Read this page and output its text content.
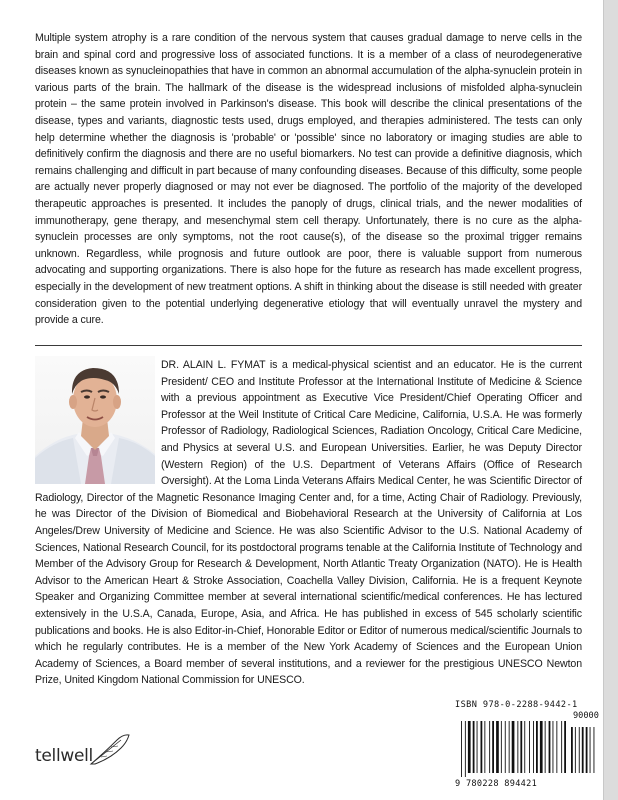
Multiple system atrophy is a rare condition of the nervous system that causes gradual damage to nerve cells in the brain and spinal cord and progressive loss of associated functions. It is a member of a class of neurodegenerative diseases known as synucleinopathies that have in common an abnormal accumulation of the alpha-synuclein protein in various parts of the brain. The hallmark of the disease is the widespread inclusions of misfolded alpha-synuclein protein – the same protein involved in Parkinson's disease. This book will describe the clinical presentations of the disease, types and variants, diagnostic tests used, drugs employed, and therapies administered. The tests can only help determine whether the diagnosis is 'probable' or 'possible' since no laboratory or imaging studies are able to definitively confirm the diagnosis and there are no useful biomarkers. No test can provide a definitive diagnosis, which remains challenging and difficult in part because of many confounding diseases. Because of this difficulty, some people are actually never properly diagnosed or may not ever be diagnosed. The portfolio of the majority of the developed therapeutic approaches is presented. It includes the panoply of drugs, clinical trials, and the newer modalities of immunotherapy, gene therapy, and mesenchymal stem cell therapy. Unfortunately, there is no cure as the alpha-synuclein processes are only symptoms, not the root cause(s), of the disease so the proximal trigger remains unknown. Regardless, while prognosis and future outlook are poor, there is valuable support from numerous advocating and supporting organizations. There is also hope for the future as research has made excellent progress, especially in the development of new treatment options. A shift in thinking about the disease is still needed with greater consideration given to the potential underlying degenerative etiology that will eventually unravel the mystery and provide a cure.

DR. ALAIN L. FYMAT is a medical-physical scientist and an educator. He is the current President/ CEO and Institute Professor at the International Institute of Medicine & Science with a previous appointment as Executive Vice President/Chief Operating Officer and Professor at the Weil Institute of Critical Care Medicine, California, U.S.A. He was formerly Professor of Radiology, Radiological Sciences, Radiation Oncology, Critical Care Medicine, and Physics at several U.S. and European Universities. Earlier, he was Deputy Director (Western Region) of the U.S. Department of Veterans Affairs (Office of Research Oversight). At the Loma Linda Veterans Affairs Medical Center, he was Scientific Director of Radiology, Director of the Magnetic Resonance Imaging Center and, for a time, Acting Chair of Radiology. Previously, he was Director of the Division of Biomedical and Biobehavioral Research at the University of California at Los Angeles/Drew University of Medicine and Science. He was also Scientific Advisor to the U.S. National Academy of Sciences, National Research Council, for its postdoctoral programs tenable at the California Institute of Technology and Member of the Advisory Group for Research & Development, North Atlantic Treaty Organization (NATO). He is Health Advisor to the American Heart & Stroke Association, Coachella Valley Division, California. He is a frequent Keynote Speaker and Organizing Committee member at several international scientific/medical conferences. He has lectured extensively in the U.S.A, Canada, Europe, Asia, and Africa. He has published in excess of 545 scholarly scientific publications and books. He is also Editor-in-Chief, Honorable Editor or Editor of numerous medical/scientific Journals to which he regularly contributes. He is a member of the New York Academy of Sciences and the European Union Academy of Sciences, a Board member of several institutions, and a reviewer for the prestigious UNESCO Newton Prize, United Kingdom National Commission for UNESCO.

tellwell
ISBN 978-0-2288-9442-1
90000
9 780228 894421
